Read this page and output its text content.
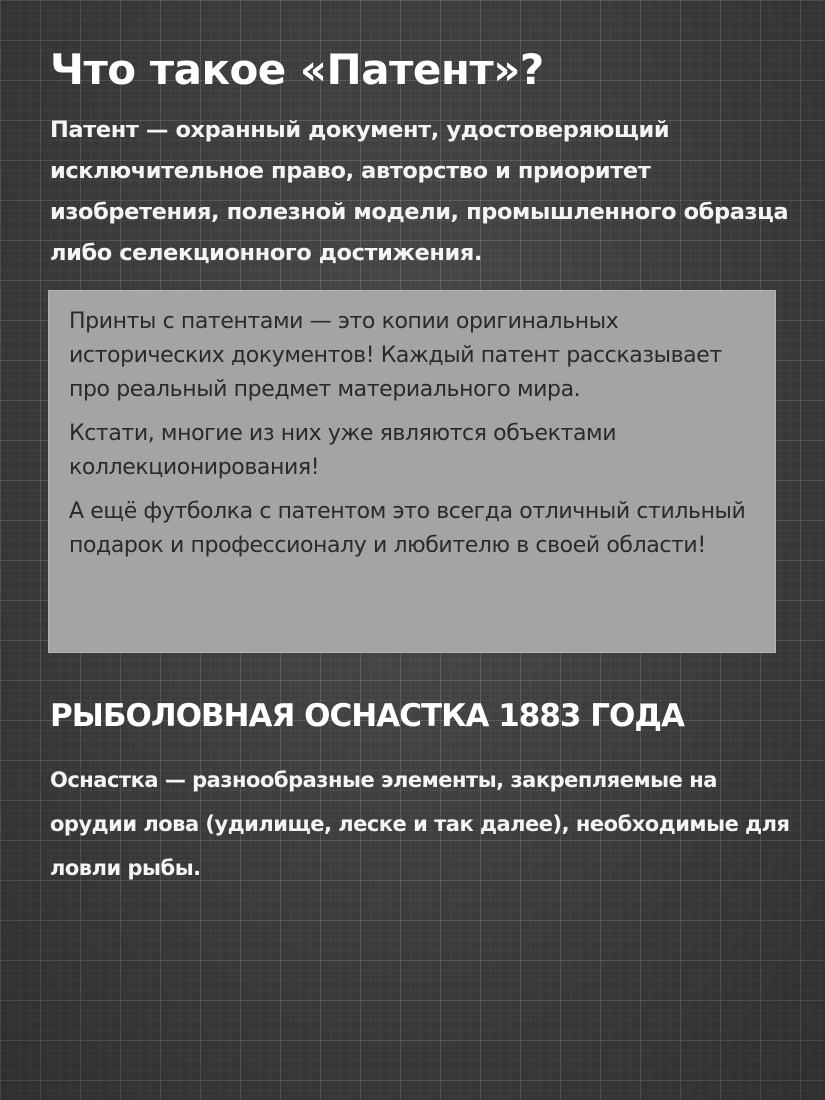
Что такое «Патент»?

Патент — охранный документ, удостоверяющий исключительное право, авторство и приоритет изобретения, полезной модели, промышленного образца либо селекционного достижения.

Принты с патентами — это копии оригинальных исторических документов! Каждый патент рассказывает про реальный предмет материального мира.

Кстати, многие из них уже являются объектами коллекционирования!

А ещё футболка с патентом это всегда отличный стильный подарок и профессионалу и любителю в своей области!

РЫБОЛОВНАЯ ОСНАСТКА 1883 ГОДА

Оснастка — разнообразные элементы, закрепляемые на орудии лова (удилище, леске и так далее), необходимые для ловли рыбы.
